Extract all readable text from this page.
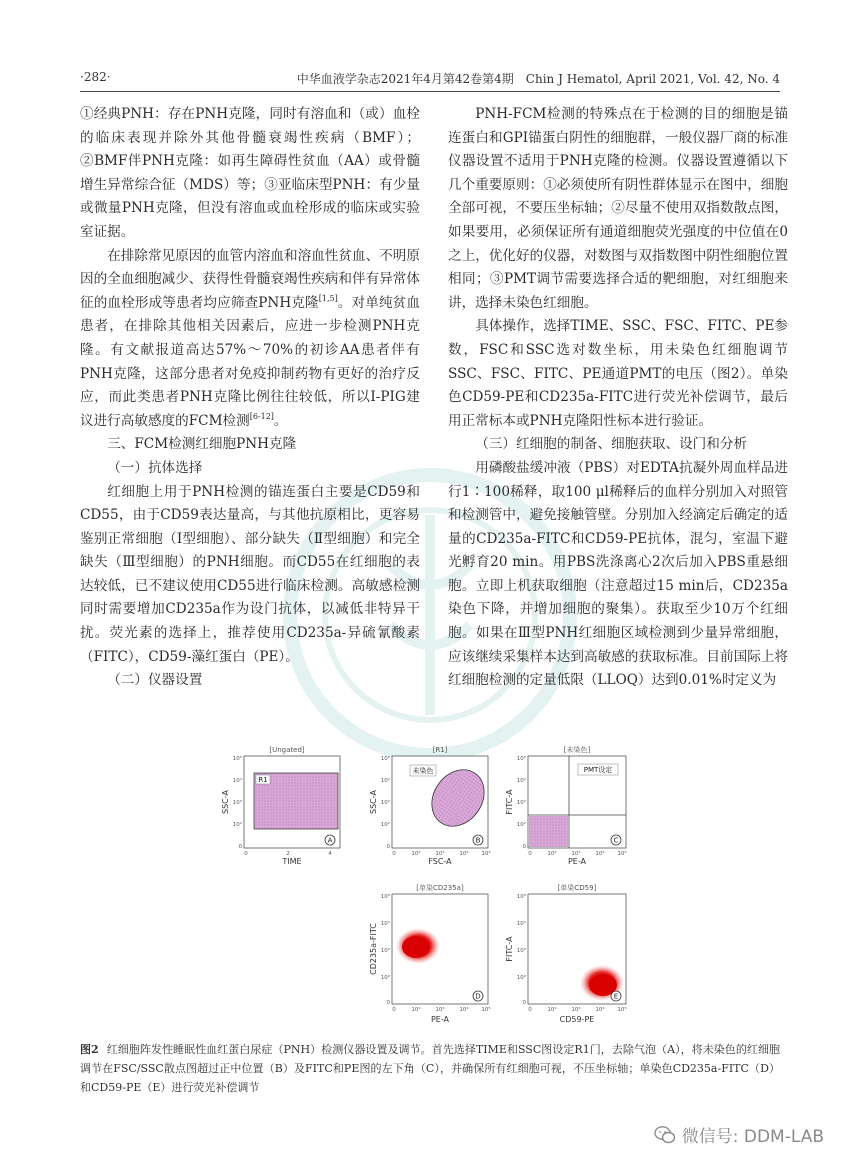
·282·	中华血液学杂志2021年4月第42卷第4期　Chin J Hematol, April 2021, Vol. 42, No. 4

①经典PNH：存在PNH克隆，同时有溶血和（或）血栓的临床表现并除外其他骨髓衰竭性疾病（BMF）；②BMF伴PNH克隆：如再生障碍性贫血（AA）或骨髓增生异常综合征（MDS）等；③亚临床型PNH：有少量或微量PNH克隆，但没有溶血或血栓形成的临床或实验室证据。

在排除常见原因的血管内溶血和溶血性贫血、不明原因的全血细胞减少、获得性骨髓衰竭性疾病和伴有异常体征的血栓形成等患者均应筛查PNH克隆[1,5]。对单纯贫血患者，在排除其他相关因素后，应进一步检测PNH克隆。有文献报道高达57%～70%的初诊AA患者伴有PNH克隆，这部分患者对免疫抑制药物有更好的治疗反应，而此类患者PNH克隆比例往往较低，所以I-PIG建议进行高敏感度的FCM检测[6-12]。

三、FCM检测红细胞PNH克隆

（一）抗体选择

红细胞上用于PNH检测的锚连蛋白主要是CD59和CD55，由于CD59表达量高，与其他抗原相比，更容易鉴别正常细胞（Ⅰ型细胞）、部分缺失（Ⅱ型细胞）和完全缺失（Ⅲ型细胞）的PNH细胞。而CD55在红细胞的表达较低，已不建议使用CD55进行临床检测。高敏感检测同时需要增加CD235a作为设门抗体，以减低非特异干扰。荧光素的选择上，推荐使用CD235a-异硫氰酸素（FITC），CD59-藻红蛋白（PE）。

（二）仪器设置

PNH-FCM检测的特殊点在于检测的目的细胞是锚连蛋白和GPI锚蛋白阴性的细胞群，一般仪器厂商的标准仪器设置不适用于PNH克隆的检测。仪器设置遵循以下几个重要原则：①必须使所有阴性群体显示在图中，细胞全部可视，不要压坐标轴；②尽量不使用双指数散点图，如果要用，必须保证所有通道细胞荧光强度的中位值在0之上，优化好的仪器，对数图与双指数图中阴性细胞位置相同；③PMT调节需要选择合适的靶细胞，对红细胞来讲，选择未染色红细胞。

具体操作，选择TIME、SSC、FSC、FITC、PE参数，FSC和SSC选对数坐标，用未染色红细胞调节SSC、FSC、FITC、PE通道PMT的电压（图2）。单染色CD59-PE和CD235a-FITC进行荧光补偿调节，最后用正常标本或PNH克隆阳性标本进行验证。

（三）红细胞的制备、细胞获取、设门和分析

用磷酸盐缓冲液（PBS）对EDTA抗凝外周血样品进行1∶100稀释，取100 μl稀释后的血样分别加入对照管和检测管中，避免接触管壁。分别加入经滴定后确定的适量的CD235a-FITC和CD59-PE抗体，混匀，室温下避光孵育20 min。用PBS洗涤离心2次后加入PBS重悬细胞。立即上机获取细胞（注意超过15 min后，CD235a染色下降，并增加细胞的聚集）。获取至少10万个红细胞。如果在Ⅲ型PNH红细胞区域检测到少量异常细胞，应该继续采集样本达到高敏感的获取标准。目前国际上将红细胞检测的定量低限（LLOQ）达到0.01%时定义为

[Ungated]
R1
10⁵
10⁴
10³
10²
0
0	2	4
TIME
SSC-A
A
[R1]
未染色
10⁵
10⁴
10³
10²
0
0	10²	10³	10⁴ 10⁵
FSC-A
SSC-A
B
[未染色]
PMT设定
10⁵
10⁴
10³
10²
0
0	10²	10³	10⁴ 10⁵
PE-A
FITC-A
C
[单染CD235a]
10⁵
10⁴
10³
10²
0
0	10²	10³	10⁴ 10⁵
PE-A
CD235a-FITC
D
[单染CD59]
10⁵
10⁴
10³
10²
0
0	10²	10³	10⁴ 10⁵
CD59-PE
FITC-A
E
图2 红细胞阵发性睡眠性血红蛋白尿症（PNH）检测仪器设置及调节。首先选择TIME和SSC图设定R1门，去除气泡（A），将未染色的红细胞调节在FSC/SSC散点图超过正中位置（B）及FITC和PE图的左下角（C），并确保所有红细胞可视，不压坐标轴；单染色CD235a-FITC（D）和CD59-PE（E）进行荧光补偿调节
微信号: DDM-LAB
